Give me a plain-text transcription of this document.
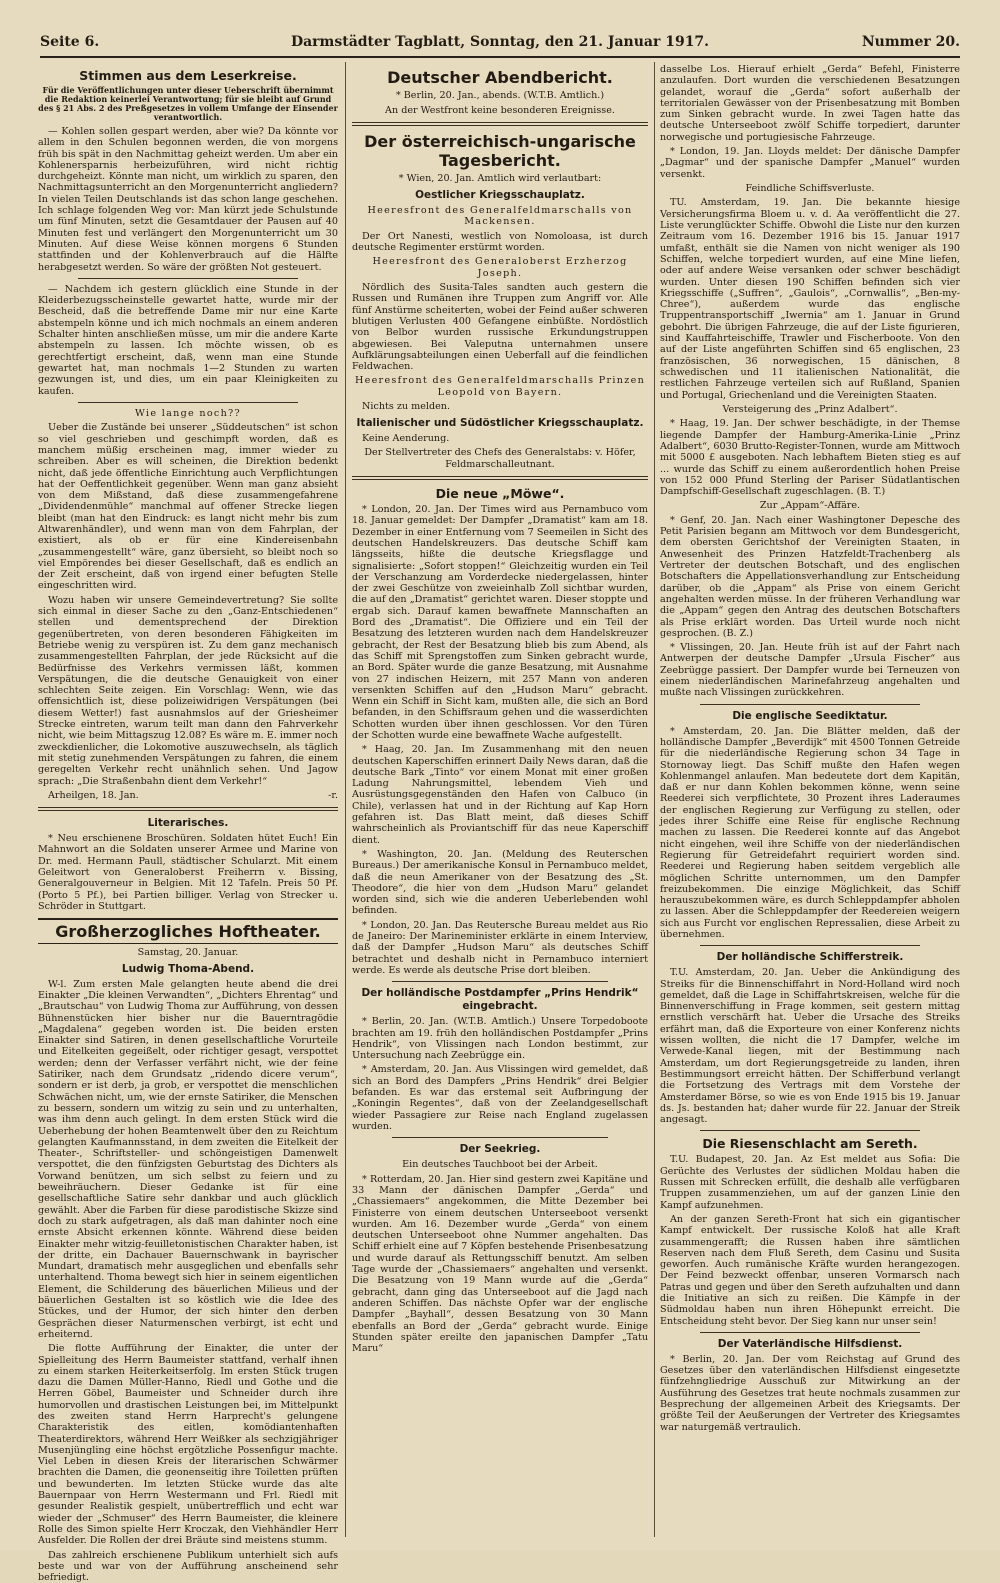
Seite 6.	Darmstädter Tagblatt, Sonntag, den 21. Januar 1917.	Nummer 20.
Stimmen aus dem Leserkreise.
Für die Veröffentlichungen unter dieser Ueberschrift übernimmt die Redaktion keinerlei Verantwortung; für sie bleibt auf Grund des § 21 Abs. 2 des Preßgesetzes in vollem Umfange der Einsender verantwortlich.

— Kohlen sollen gespart werden, aber wie? Da könnte vor allem in den Schulen begonnen werden, die von morgens früh bis spät in den Nachmittag geheizt werden. Um aber ein Kohlenersparnis herbeizuführen, wird nicht richtig durchgeheizt. Könnte man nicht, um wirklich zu sparen, den Nachmittagsunterricht an den Morgenunterricht angliedern? In vielen Teilen Deutschlands ist das schon lange geschehen. Ich schlage folgenden Weg vor: Man kürzt jede Schulstunde um fünf Minuten, setzt die Gesamtdauer der Pausen auf 40 Minuten fest und verlängert den Morgenunterricht um 30 Minuten. Auf diese Weise können morgens 6 Stunden stattfinden und der Kohlenverbrauch auf die Hälfte herabgesetzt werden. So wäre der größten Not gesteuert.

— Nachdem ich gestern glücklich eine Stunde in der Kleiderbezugsscheinstelle gewartet hatte, wurde mir der Bescheid, daß die betreffende Dame mir nur eine Karte abstempeln könne und ich mich nochmals an einem anderen Schalter hinten anschließen müsse, um mir die andere Karte abstempeln zu lassen. Ich möchte wissen, ob es gerechtfertigt erscheint, daß, wenn man eine Stunde gewartet hat, man nochmals 1—2 Stunden zu warten gezwungen ist, und dies, um ein paar Kleinigkeiten zu kaufen.

Wie lange noch??

Ueber die Zustände bei unserer „Süddeutschen“ ist schon so viel geschrieben und geschimpft worden, daß es manchem müßig erscheinen mag, immer wieder zu schreiben. Aber es will scheinen, die Direktion bedenkt nicht, daß jede öffentliche Einrichtung auch Verpflichtungen hat der Oeffentlichkeit gegenüber. Wenn man ganz absieht von dem Mißstand, daß diese zusammengefahrene „Dividendenmühle“ manchmal auf offener Strecke liegen bleibt (man hat den Eindruck: es langt nicht mehr bis zum Altwarenhändler), und wenn man von dem Fahrplan, der existiert, als ob er für eine Kindereisenbahn „zusammengestellt“ wäre, ganz übersieht, so bleibt noch so viel Empörendes bei dieser Gesellschaft, daß es endlich an der Zeit erscheint, daß von irgend einer befugten Stelle eingeschritten wird.

Wozu haben wir unsere Gemeindevertretung? Sie sollte sich einmal in dieser Sache zu den „Ganz-Entschiedenen“ stellen und dementsprechend der Direktion gegenübertreten, von deren besonderen Fähigkeiten im Betriebe wenig zu verspüren ist. Zu dem ganz mechanisch zusammengestellten Fahrplan, der jede Rücksicht auf die Bedürfnisse des Verkehrs vermissen läßt, kommen Verspätungen, die die deutsche Genauigkeit von einer schlechten Seite zeigen. Ein Vorschlag: Wenn, wie das offensichtlich ist, diese polizeiwidrigen Verspätungen (bei diesem Wetter!) fast ausnahmslos auf der Griesheimer Strecke eintreten, warum teilt man dann den Fahrverkehr nicht, wie beim Mittagszug 12.08? Es wäre m. E. immer noch zweckdienlicher, die Lokomotive auszuwechseln, als täglich mit stetig zunehmenden Verspätungen zu fahren, die einem geregelten Verkehr recht unähnlich sehen. Und Jagow sprach: „Die Straßenbahn dient dem Verkehr!“

Arheilgen, 18. Jan.	-r.

Literarisches.

* Neu erschienene Broschüren. Soldaten hütet Euch! Ein Mahnwort an die Soldaten unserer Armee und Marine von Dr. med. Hermann Paull, städtischer Schularzt. Mit einem Geleitwort von Generaloberst Freiherrn v. Bissing, Generalgouverneur in Belgien. Mit 12 Tafeln. Preis 50 Pf. (Porto 5 Pf.), bei Partien billiger. Verlag von Strecker u. Schröder in Stuttgart.

Großherzogliches Hoftheater.
Samstag, 20. Januar.
Ludwig Thoma-Abend.

W-l. Zum ersten Male gelangten heute abend die drei Einakter „Die kleinen Verwandten“, „Dichters Ehrentag“ und „Brautschau“ von Ludwig Thoma zur Aufführung, von dessen Bühnenstücken hier bisher nur die Bauerntragödie „Magdalena“ gegeben worden ist. Die beiden ersten Einakter sind Satiren, in denen gesellschaftliche Vorurteile und Eitelkeiten gegeißelt, oder richtiger gesagt, verspottet werden; denn der Verfasser verfährt nicht, wie der feine Satiriker, nach dem Grundsatz „ridendo dicere verum“, sondern er ist derb, ja grob, er verspottet die menschlichen Schwächen nicht, um, wie der ernste Satiriker, die Menschen zu bessern, sondern um witzig zu sein und zu unterhalten, was ihm denn auch gelingt. In dem ersten Stück wird die Ueberhebung der hohen Beamtenwelt über den zu Reichtum gelangten Kaufmannsstand, in dem zweiten die Eitelkeit der Theater-, Schriftsteller- und schöngeistigen Damenwelt verspottet, die den fünfzigsten Geburtstag des Dichters als Vorwand benützen, um sich selbst zu feiern und zu beweihräuchern. Dieser Gedanke ist für eine gesellschaftliche Satire sehr dankbar und auch glücklich gewählt. Aber die Farben für diese parodistische Skizze sind doch zu stark aufgetragen, als daß man dahinter noch eine ernste Absicht erkennen könnte. Während diese beiden Einakter mehr witzig-feuilletonistischen Charakter haben, ist der dritte, ein Dachauer Bauernschwank in bayrischer Mundart, dramatisch mehr ausgeglichen und ebenfalls sehr unterhaltend. Thoma bewegt sich hier in seinem eigentlichen Element, die Schilderung des bäuerlichen Milieus und der bäuerlichen Gestalten ist so köstlich wie die Idee des Stückes, und der Humor, der sich hinter den derben Gesprächen dieser Naturmenschen verbirgt, ist echt und erheiternd.

Die flotte Aufführung der Einakter, die unter der Spielleitung des Herrn Baumeister stattfand, verhalf ihnen zu einem starken Heiterkeitserfolg. Im ersten Stück trugen dazu die Damen Müller-Hanno, Riedl und Gothe und die Herren Göbel, Baumeister und Schneider durch ihre humorvollen und drastischen Leistungen bei, im Mittelpunkt des zweiten stand Herrn Harprecht's gelungene Charakteristik des eitlen, komödiantenhaften Theaterdirektors, während Herr Weißker als sechzigjähriger Musenjüngling eine höchst ergötzliche Possenfigur machte. Viel Leben in diesen Kreis der literarischen Schwärmer brachten die Damen, die geonenseitig ihre Toiletten prüften und bewunderten. Im letzten Stücke wurde das alte Bauernpaar von Herrn Westermann und Frl. Riedl mit gesunder Realistik gespielt, unübertrefflich und echt war wieder der „Schmuser“ des Herrn Baumeister, die kleinere Rolle des Simon spielte Herr Kroczak, den Viehhändler Herr Ausfelder. Die Rollen der drei Bräute sind meistens stumm.

Das zahlreich erschienene Publikum unterhielt sich aufs beste und war von der Aufführung anscheinend sehr befriedigt.

Deutscher Abendbericht.
* Berlin, 20. Jan., abends. (W.T.B. Amtlich.)
An der Westfront keine besonderen Ereignisse.
Der österreichisch-ungarische Tagesbericht.
* Wien, 20. Jan. Amtlich wird verlautbart:
Oestlicher Kriegsschauplatz.
Heeresfront des Generalfeldmarschalls von Mackensen.

Der Ort Nanesti, westlich von Nomoloasa, ist durch deutsche Regimenter erstürmt worden.

Heeresfront des Generaloberst Erzherzog Joseph.

Nördlich des Susita-Tales sandten auch gestern die Russen und Rumänen ihre Truppen zum Angriff vor. Alle fünf Anstürme scheiterten, wobei der Feind außer schweren blutigen Verlusten 400 Gefangene einbüßte. Nordöstlich von Belbor wurden russische Erkundungstruppen abgewiesen. Bei Valeputna unternahmen unsere Aufklärungsabteilungen einen Ueberfall auf die feindlichen Feldwachen.

Heeresfront des Generalfeldmarschalls Prinzen Leopold von Bayern.

Nichts zu melden.

Italienischer und Südöstlicher Kriegsschauplatz.

Keine Aenderung.

Der Stellvertreter des Chefs des Generalstabs: v. Höfer, Feldmarschalleutnant.
Die neue „Möwe“.

* London, 20. Jan. Der Times wird aus Pernambuco vom 18. Januar gemeldet: Der Dampfer „Dramatist“ kam am 18. Dezember in einer Entfernung vom 7 Seemeilen in Sicht des deutschen Handelskreuzers. Das deutsche Schiff kam längsseits, hißte die deutsche Kriegsflagge und signalisierte: „Sofort stoppen!“ Gleichzeitig wurden ein Teil der Verschanzung am Vorderdecke niedergelassen, hinter der zwei Geschütze von zweieinhalb Zoll sichtbar wurden, die auf den „Dramatist“ gerichtet waren. Dieser stoppte und ergab sich. Darauf kamen bewaffnete Mannschaften an Bord des „Dramatist“. Die Offiziere und ein Teil der Besatzung des letzteren wurden nach dem Handelskreuzer gebracht, der Rest der Besatzung blieb bis zum Abend, als das Schiff mit Sprengstoffen zum Sinken gebracht wurde, an Bord. Später wurde die ganze Besatzung, mit Ausnahme von 27 indischen Heizern, mit 257 Mann von anderen versenkten Schiffen auf den „Hudson Maru“ gebracht. Wenn ein Schiff in Sicht kam, mußten alle, die sich an Bord befanden, in den Schiffsraum gehen und die wasserdichten Schotten wurden über ihnen geschlossen. Vor den Türen der Schotten wurde eine bewaffnete Wache aufgestellt.

* Haag, 20. Jan. Im Zusammenhang mit den neuen deutschen Kaperschiffen erinnert Daily News daran, daß die deutsche Bark „Tinto“ vor einem Monat mit einer großen Ladung Nahrungsmittel, lebendem Vieh und Ausrüstungsgegenständen den Hafen von Calbuco (in Chile), verlassen hat und in der Richtung auf Kap Horn gefahren ist. Das Blatt meint, daß dieses Schiff wahrscheinlich als Proviantschiff für das neue Kaperschiff dient.

* Washington, 20. Jan. (Meldung des Reuterschen Bureaus.) Der amerikanische Konsul in Pernambuco meldet, daß die neun Amerikaner von der Besatzung des „St. Theodore“, die hier von dem „Hudson Maru“ gelandet worden sind, sich wie die anderen Ueberlebenden wohl befinden.

* London, 20. Jan. Das Reutersche Bureau meldet aus Rio de Janeiro: Der Marineminister erklärte in einem Interview, daß der Dampfer „Hudson Maru“ als deutsches Schiff betrachtet und deshalb nicht in Pernambuco interniert werde. Es werde als deutsche Prise dort bleiben.

Der holländische Postdampfer „Prins Hendrik“ eingebracht.

* Berlin, 20. Jan. (W.T.B. Amtlich.) Unsere Torpedoboote brachten am 19. früh den holländischen Postdampfer „Prins Hendrik“, von Vlissingen nach London bestimmt, zur Untersuchung nach Zeebrügge ein.

* Amsterdam, 20. Jan. Aus Vlissingen wird gemeldet, daß sich an Bord des Dampfers „Prins Hendrik“ drei Belgier befanden. Es war das erstemal seit Aufbringung der „Koningin Regentes“, daß von der Zeelandgesellschaft wieder Passagiere zur Reise nach England zugelassen wurden.

Der Seekrieg.
Ein deutsches Tauchboot bei der Arbeit.

* Rotterdam, 20. Jan. Hier sind gestern zwei Kapitäne und 33 Mann der dänischen Dampfer „Gerda“ und „Chassiemaers“ angekommen, die Mitte Dezember bei Finisterre von einem deutschen Unterseeboot versenkt wurden. Am 16. Dezember wurde „Gerda“ von einem deutschen Unterseeboot ohne Nummer angehalten. Das Schiff erhielt eine auf 7 Köpfen bestehende Prisenbesatzung und wurde darauf als Rettungsschiff benutzt. Am selben Tage wurde der „Chassiemaers“ angehalten und versenkt. Die Besatzung von 19 Mann wurde auf die „Gerda“ gebracht, dann ging das Unterseeboot auf die Jagd nach anderen Schiffen. Das nächste Opfer war der englische Dampfer „Bayhall“, dessen Besatzung von 30 Mann ebenfalls an Bord der „Gerda“ gebracht wurde. Einige Stunden später ereilte den japanischen Dampfer „Tatu Maru“

dasselbe Los. Hierauf erhielt „Gerda“ Befehl, Finisterre anzulaufen. Dort wurden die verschiedenen Besatzungen gelandet, worauf die „Gerda“ sofort außerhalb der territorialen Gewässer von der Prisenbesatzung mit Bomben zum Sinken gebracht wurde. In zwei Tagen hatte das deutsche Unterseeboot zwölf Schiffe torpediert, darunter norwegische und portugiesische Fahrzeuge.

* London, 19. Jan. Lloyds meldet: Der dänische Dampfer „Dagmar“ und der spanische Dampfer „Manuel“ wurden versenkt.

Feindliche Schiffsverluste.

TU. Amsterdam, 19. Jan. Die bekannte hiesige Versicherungsfirma Bloem u. v. d. Aa veröffentlicht die 27. Liste verunglückter Schiffe. Obwohl die Liste nur den kurzen Zeitraum vom 16. Dezember 1916 bis 15. Januar 1917 umfaßt, enthält sie die Namen von nicht weniger als 190 Schiffen, welche torpediert wurden, auf eine Mine liefen, oder auf andere Weise versanken oder schwer beschädigt wurden. Unter diesen 190 Schiffen befinden sich vier Kriegsschiffe („Suffren“, „Gaulois“, „Cornwallis“, „Ben-my-Chree“), außerdem wurde das englische Truppentransportschiff „Iwernia“ am 1. Januar in Grund gebohrt. Die übrigen Fahrzeuge, die auf der Liste figurieren, sind Kauffahrteischiffe, Trawler und Fischerboote. Von den auf der Liste angeführten Schiffen sind 65 englischen, 23 französischen, 36 norwegischen, 15 dänischen, 8 schwedischen und 11 italienischen Nationalität, die restlichen Fahrzeuge verteilen sich auf Rußland, Spanien und Portugal, Griechenland und die Vereinigten Staaten.

Versteigerung des „Prinz Adalbert“.

* Haag, 19. Jan. Der schwer beschädigte, in der Themse liegende Dampfer der Hamburg-Amerika-Linie „Prinz Adalbert“, 6030 Brutto-Register-Tonnen, wurde am Mittwoch mit 5000 £ ausgeboten. Nach lebhaftem Bieten stieg es auf ... wurde das Schiff zu einem außerordentlich hohen Preise von 152 000 Pfund Sterling der Pariser Südatlantischen Dampfschiff-Gesellschaft zugeschlagen. (B. T.)

Zur „Appam“-Affäre.

* Genf, 20. Jan. Nach einer Washingtoner Depesche des Petit Parisien begann am Mittwoch vor dem Bundesgericht, dem obersten Gerichtshof der Vereinigten Staaten, in Anwesenheit des Prinzen Hatzfeldt-Trachenberg als Vertreter der deutschen Botschaft, und des englischen Botschafters die Appellationsverhandlung zur Entscheidung darüber, ob die „Appam“ als Prise von einem Gericht angehalten werden müsse. In der früheren Verhandlung war die „Appam“ gegen den Antrag des deutschen Botschafters als Prise erklärt worden. Das Urteil wurde noch nicht gesprochen. (B. Z.)

* Vlissingen, 20. Jan. Heute früh ist auf der Fahrt nach Antwerpen der deutsche Dampfer „Ursula Fischer“ aus Zeebrügge passiert. Der Dampfer wurde bei Terneuzen von einem niederländischen Marinefahrzeug angehalten und mußte nach Vlissingen zurückkehren.

Die englische Seediktatur.

* Amsterdam, 20. Jan. Die Blätter melden, daß der holländische Dampfer „Beverdijk“ mit 4500 Tonnen Getreide für die niederländische Regierung schon 34 Tage in Stornoway liegt. Das Schiff mußte den Hafen wegen Kohlenmangel anlaufen. Man bedeutete dort dem Kapitän, daß er nur dann Kohlen bekommen könne, wenn seine Reederei sich verpflichtete, 30 Prozent ihres Laderaumes der englischen Regierung zur Verfügung zu stellen, oder jedes ihrer Schiffe eine Reise für englische Rechnung machen zu lassen. Die Reederei konnte auf das Angebot nicht eingehen, weil ihre Schiffe von der niederländischen Regierung für Getreidefahrt requiriert worden sind. Reederei und Regierung haben seitdem vergeblich alle möglichen Schritte unternommen, um den Dampfer freizubekommen. Die einzige Möglichkeit, das Schiff herauszubekommen wäre, es durch Schleppdampfer abholen zu lassen. Aber die Schleppdampfer der Reedereien weigern sich aus Furcht vor englischen Repressalien, diese Arbeit zu übernehmen.

Der holländische Schifferstreik.

T.U. Amsterdam, 20. Jan. Ueber die Ankündigung des Streiks für die Binnenschiffahrt in Nord-Holland wird noch gemeldet, daß die Lage in Schiffahrtskreisen, welche für die Binnenverschiffung in Frage kommen, seit gestern mittag ernstlich verschärft hat. Ueber die Ursache des Streiks erfährt man, daß die Exporteure von einer Konferenz nichts wissen wollten, die nicht die 17 Dampfer, welche im Verwede-Kanal liegen, mit der Bestimmung nach Amsterdam, um dort Regierungsgetreide zu landen, ihren Bestimmungsort erreicht hätten. Der Schifferbund verlangt die Fortsetzung des Vertrags mit dem Vorstehe der Amsterdamer Börse, so wie es von Ende 1915 bis 19. Januar ds. Js. bestanden hat; daher wurde für 22. Januar der Streik angesagt.

Die Riesenschlacht am Sereth.

T.U. Budapest, 20. Jan. Az Est meldet aus Sofia: Die Gerüchte des Verlustes der südlichen Moldau haben die Russen mit Schrecken erfüllt, die deshalb alle verfügbaren Truppen zusammenziehen, um auf der ganzen Linie den Kampf aufzunehmen.

An der ganzen Sereth-Front hat sich ein gigantischer Kampf entwickelt. Der russische Koloß hat alle Kraft zusammengerafft; die Russen haben ihre sämtlichen Reserven nach dem Fluß Sereth, dem Casinu und Susita geworfen. Auch rumänische Kräfte wurden herangezogen. Der Feind bezweckt offenbar, unseren Vormarsch nach Patras und gegen und über den Sereth aufzuhalten und dann die Initiative an sich zu reißen. Die Kämpfe in der Südmoldau haben nun ihren Höhepunkt erreicht. Die Entscheidung steht bevor. Der Sieg kann nur unser sein!

Der Vaterländische Hilfsdienst.

* Berlin, 20. Jan. Der vom Reichstag auf Grund des Gesetzes über den vaterländischen Hilfsdienst eingesetzte fünfzehngliedrige Ausschuß zur Mitwirkung an der Ausführung des Gesetzes trat heute nochmals zusammen zur Besprechung der allgemeinen Arbeit des Kriegsamts. Der größte Teil der Aeußerungen der Vertreter des Kriegsamtes war naturgemäß vertraulich.
